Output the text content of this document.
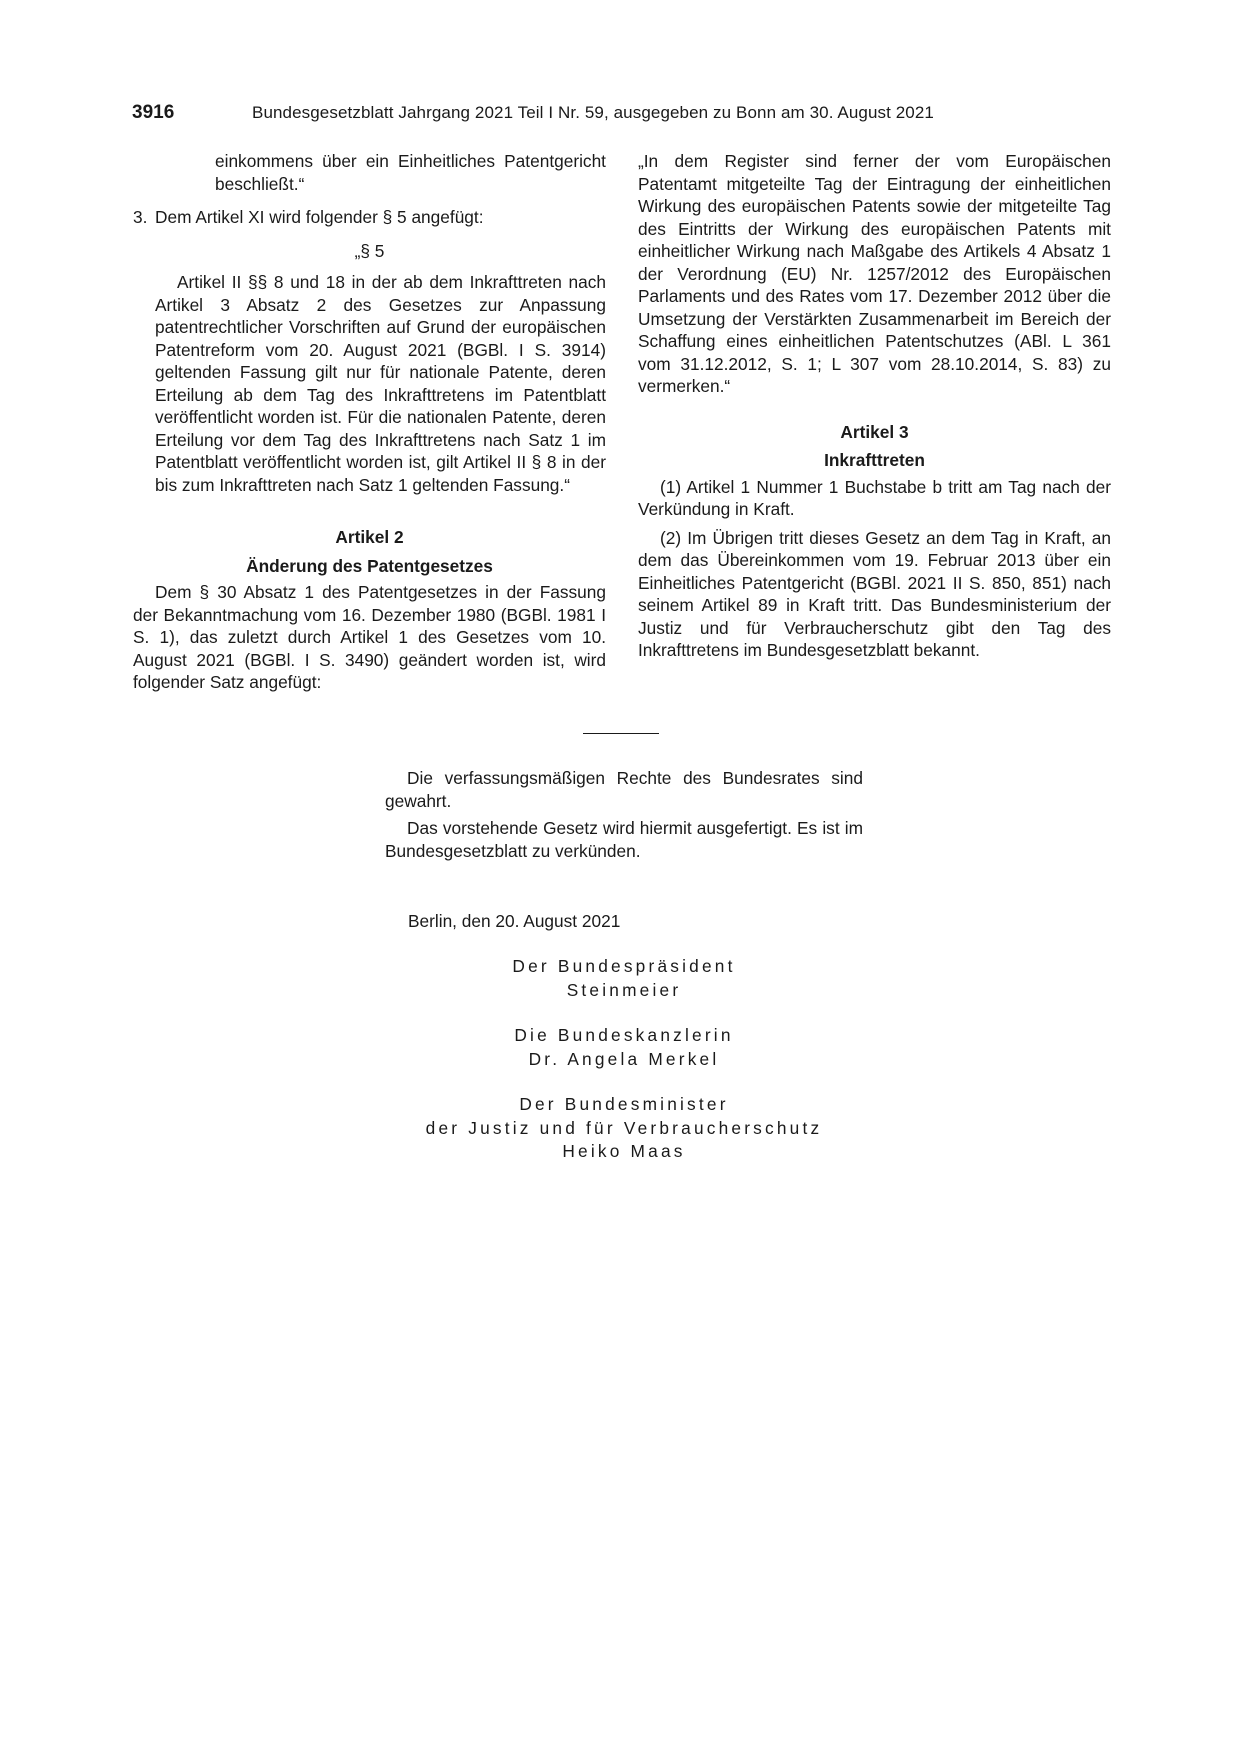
3916	Bundesgesetzblatt Jahrgang 2021 Teil I Nr. 59, ausgegeben zu Bonn am 30. August 2021

einkommens über ein Einheitliches Patentgericht beschließt.“

3. Dem Artikel XI wird folgender § 5 angefügt:

„§ 5

Artikel II §§ 8 und 18 in der ab dem Inkrafttreten nach Artikel 3 Absatz 2 des Gesetzes zur Anpassung patentrechtlicher Vorschriften auf Grund der europäischen Patentreform vom 20. August 2021 (BGBl. I S. 3914) geltenden Fassung gilt nur für nationale Patente, deren Erteilung ab dem Tag des Inkrafttretens im Patentblatt veröffentlicht worden ist. Für die nationalen Patente, deren Erteilung vor dem Tag des Inkrafttretens nach Satz 1 im Patentblatt veröffentlicht worden ist, gilt Artikel II § 8 in der bis zum Inkrafttreten nach Satz 1 geltenden Fassung.“

Artikel 2

Änderung des Patentgesetzes

Dem § 30 Absatz 1 des Patentgesetzes in der Fassung der Bekanntmachung vom 16. Dezember 1980 (BGBl. 1981 I S. 1), das zuletzt durch Artikel 1 des Gesetzes vom 10. August 2021 (BGBl. I S. 3490) geändert worden ist, wird folgender Satz angefügt:

„In dem Register sind ferner der vom Europäischen Patentamt mitgeteilte Tag der Eintragung der einheitlichen Wirkung des europäischen Patents sowie der mitgeteilte Tag des Eintritts der Wirkung des europäischen Patents mit einheitlicher Wirkung nach Maßgabe des Artikels 4 Absatz 1 der Verordnung (EU) Nr. 1257/2012 des Europäischen Parlaments und des Rates vom 17. Dezember 2012 über die Umsetzung der Verstärkten Zusammenarbeit im Bereich der Schaffung eines einheitlichen Patentschutzes (ABl. L 361 vom 31.12.2012, S. 1; L 307 vom 28.10.2014, S. 83) zu vermerken.“

Artikel 3

Inkrafttreten

(1) Artikel 1 Nummer 1 Buchstabe b tritt am Tag nach der Verkündung in Kraft.

(2) Im Übrigen tritt dieses Gesetz an dem Tag in Kraft, an dem das Übereinkommen vom 19. Februar 2013 über ein Einheitliches Patentgericht (BGBl. 2021 II S. 850, 851) nach seinem Artikel 89 in Kraft tritt. Das Bundesministerium der Justiz und für Verbraucherschutz gibt den Tag des Inkrafttretens im Bundesgesetzblatt bekannt.

Die verfassungsmäßigen Rechte des Bundesrates sind gewahrt.

Das vorstehende Gesetz wird hiermit ausgefertigt. Es ist im Bundesgesetzblatt zu verkünden.

Berlin, den 20. August 2021
Der Bundespräsident
Steinmeier
Die Bundeskanzlerin
Dr. Angela Merkel
Der Bundesminister
der Justiz und für Verbraucherschutz
Heiko Maas
